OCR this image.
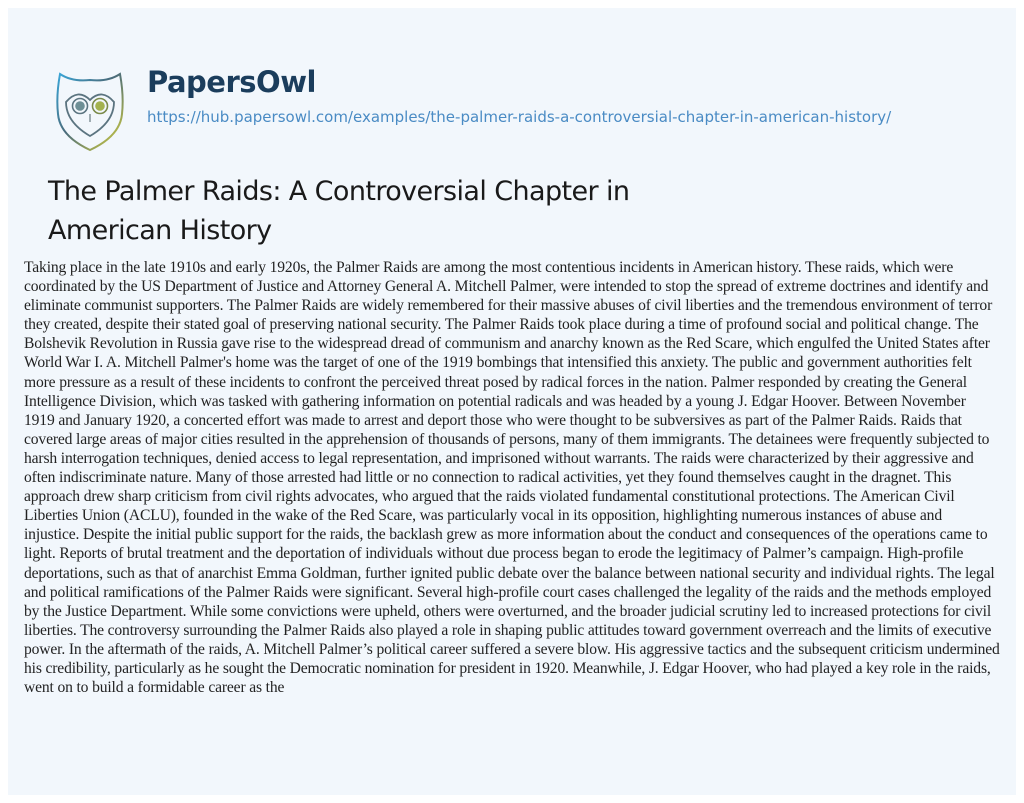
PapersOwl
https://hub.papersowl.com/examples/the-palmer-raids-a-controversial-chapter-in-american-history/
The Palmer Raids: A Controversial Chapter in American History

Taking place in the late 1910s and early 1920s, the Palmer Raids are among the most contentious incidents in American history. These raids, which were coordinated by the US Department of Justice and Attorney General A. Mitchell Palmer, were intended to stop the spread of extreme doctrines and identify and eliminate communist supporters. The Palmer Raids are widely remembered for their massive abuses of civil liberties and the tremendous environment of terror they created, despite their stated goal of preserving national security. The Palmer Raids took place during a time of profound social and political change. The Bolshevik Revolution in Russia gave rise to the widespread dread of communism and anarchy known as the Red Scare, which engulfed the United States after World War I. A. Mitchell Palmer's home was the target of one of the 1919 bombings that intensified this anxiety. The public and government authorities felt more pressure as a result of these incidents to confront the perceived threat posed by radical forces in the nation. Palmer responded by creating the General Intelligence Division, which was tasked with gathering information on potential radicals and was headed by a young J. Edgar Hoover. Between November 1919 and January 1920, a concerted effort was made to arrest and deport those who were thought to be subversives as part of the Palmer Raids. Raids that covered large areas of major cities resulted in the apprehension of thousands of persons, many of them immigrants. The detainees were frequently subjected to harsh interrogation techniques, denied access to legal representation, and imprisoned without warrants. The raids were characterized by their aggressive and often indiscriminate nature. Many of those arrested had little or no connection to radical activities, yet they found themselves caught in the dragnet. This approach drew sharp criticism from civil rights advocates, who argued that the raids violated fundamental constitutional protections. The American Civil Liberties Union (ACLU), founded in the wake of the Red Scare, was particularly vocal in its opposition, highlighting numerous instances of abuse and injustice. Despite the initial public support for the raids, the backlash grew as more information about the conduct and consequences of the operations came to light. Reports of brutal treatment and the deportation of individuals without due process began to erode the legitimacy of Palmer’s campaign. High-profile deportations, such as that of anarchist Emma Goldman, further ignited public debate over the balance between national security and individual rights. The legal and political ramifications of the Palmer Raids were significant. Several high-profile court cases challenged the legality of the raids and the methods employed by the Justice Department. While some convictions were upheld, others were overturned, and the broader judicial scrutiny led to increased protections for civil liberties. The controversy surrounding the Palmer Raids also played a role in shaping public attitudes toward government overreach and the limits of executive power. In the aftermath of the raids, A. Mitchell Palmer’s political career suffered a severe blow. His aggressive tactics and the subsequent criticism undermined his credibility, particularly as he sought the Democratic nomination for president in 1920. Meanwhile, J. Edgar Hoover, who had played a key role in the raids, went on to build a formidable career as the
